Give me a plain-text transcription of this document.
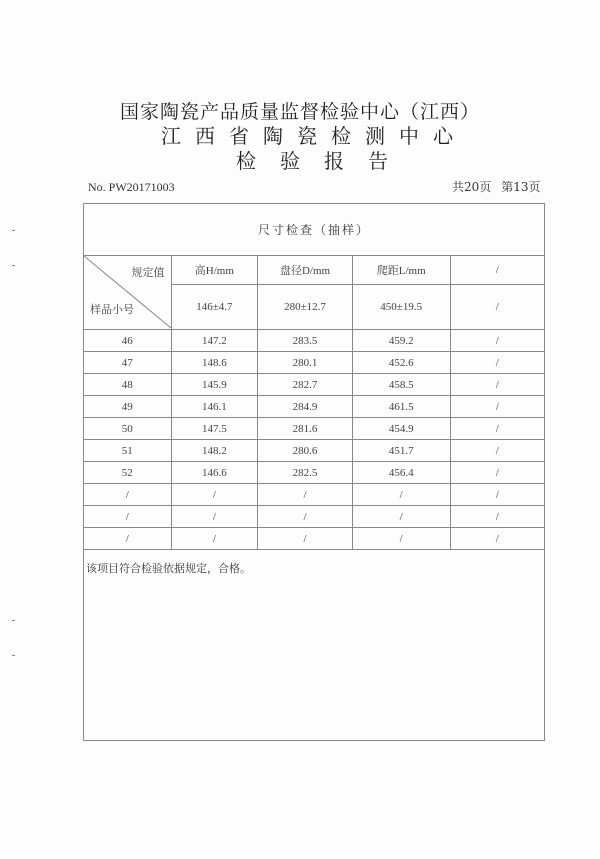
国家陶瓷产品质量监督检验中心（江西）
江西省陶瓷检测中心
检验报告
No. PW20171003	共20页 第13页
尺寸检查（抽样）				

规定值
样品小号	高H/mm	盘径D/mm	爬距L/mm	/
	146±4.7	280±12.7	450±19.5	/
46	147.2	283.5	459.2	/
47	148.6	280.1	452.6	/
48	145.9	282.7	458.5	/
49	146.1	284.9	461.5	/
50	147.5	281.6	454.9	/
51	148.2	280.6	451.7	/
52	146.6	282.5	456.4	/
/	/	/	/	/
/	/	/	/	/
/	/	/	/	/
该项目符合检验依据规定，合格。
